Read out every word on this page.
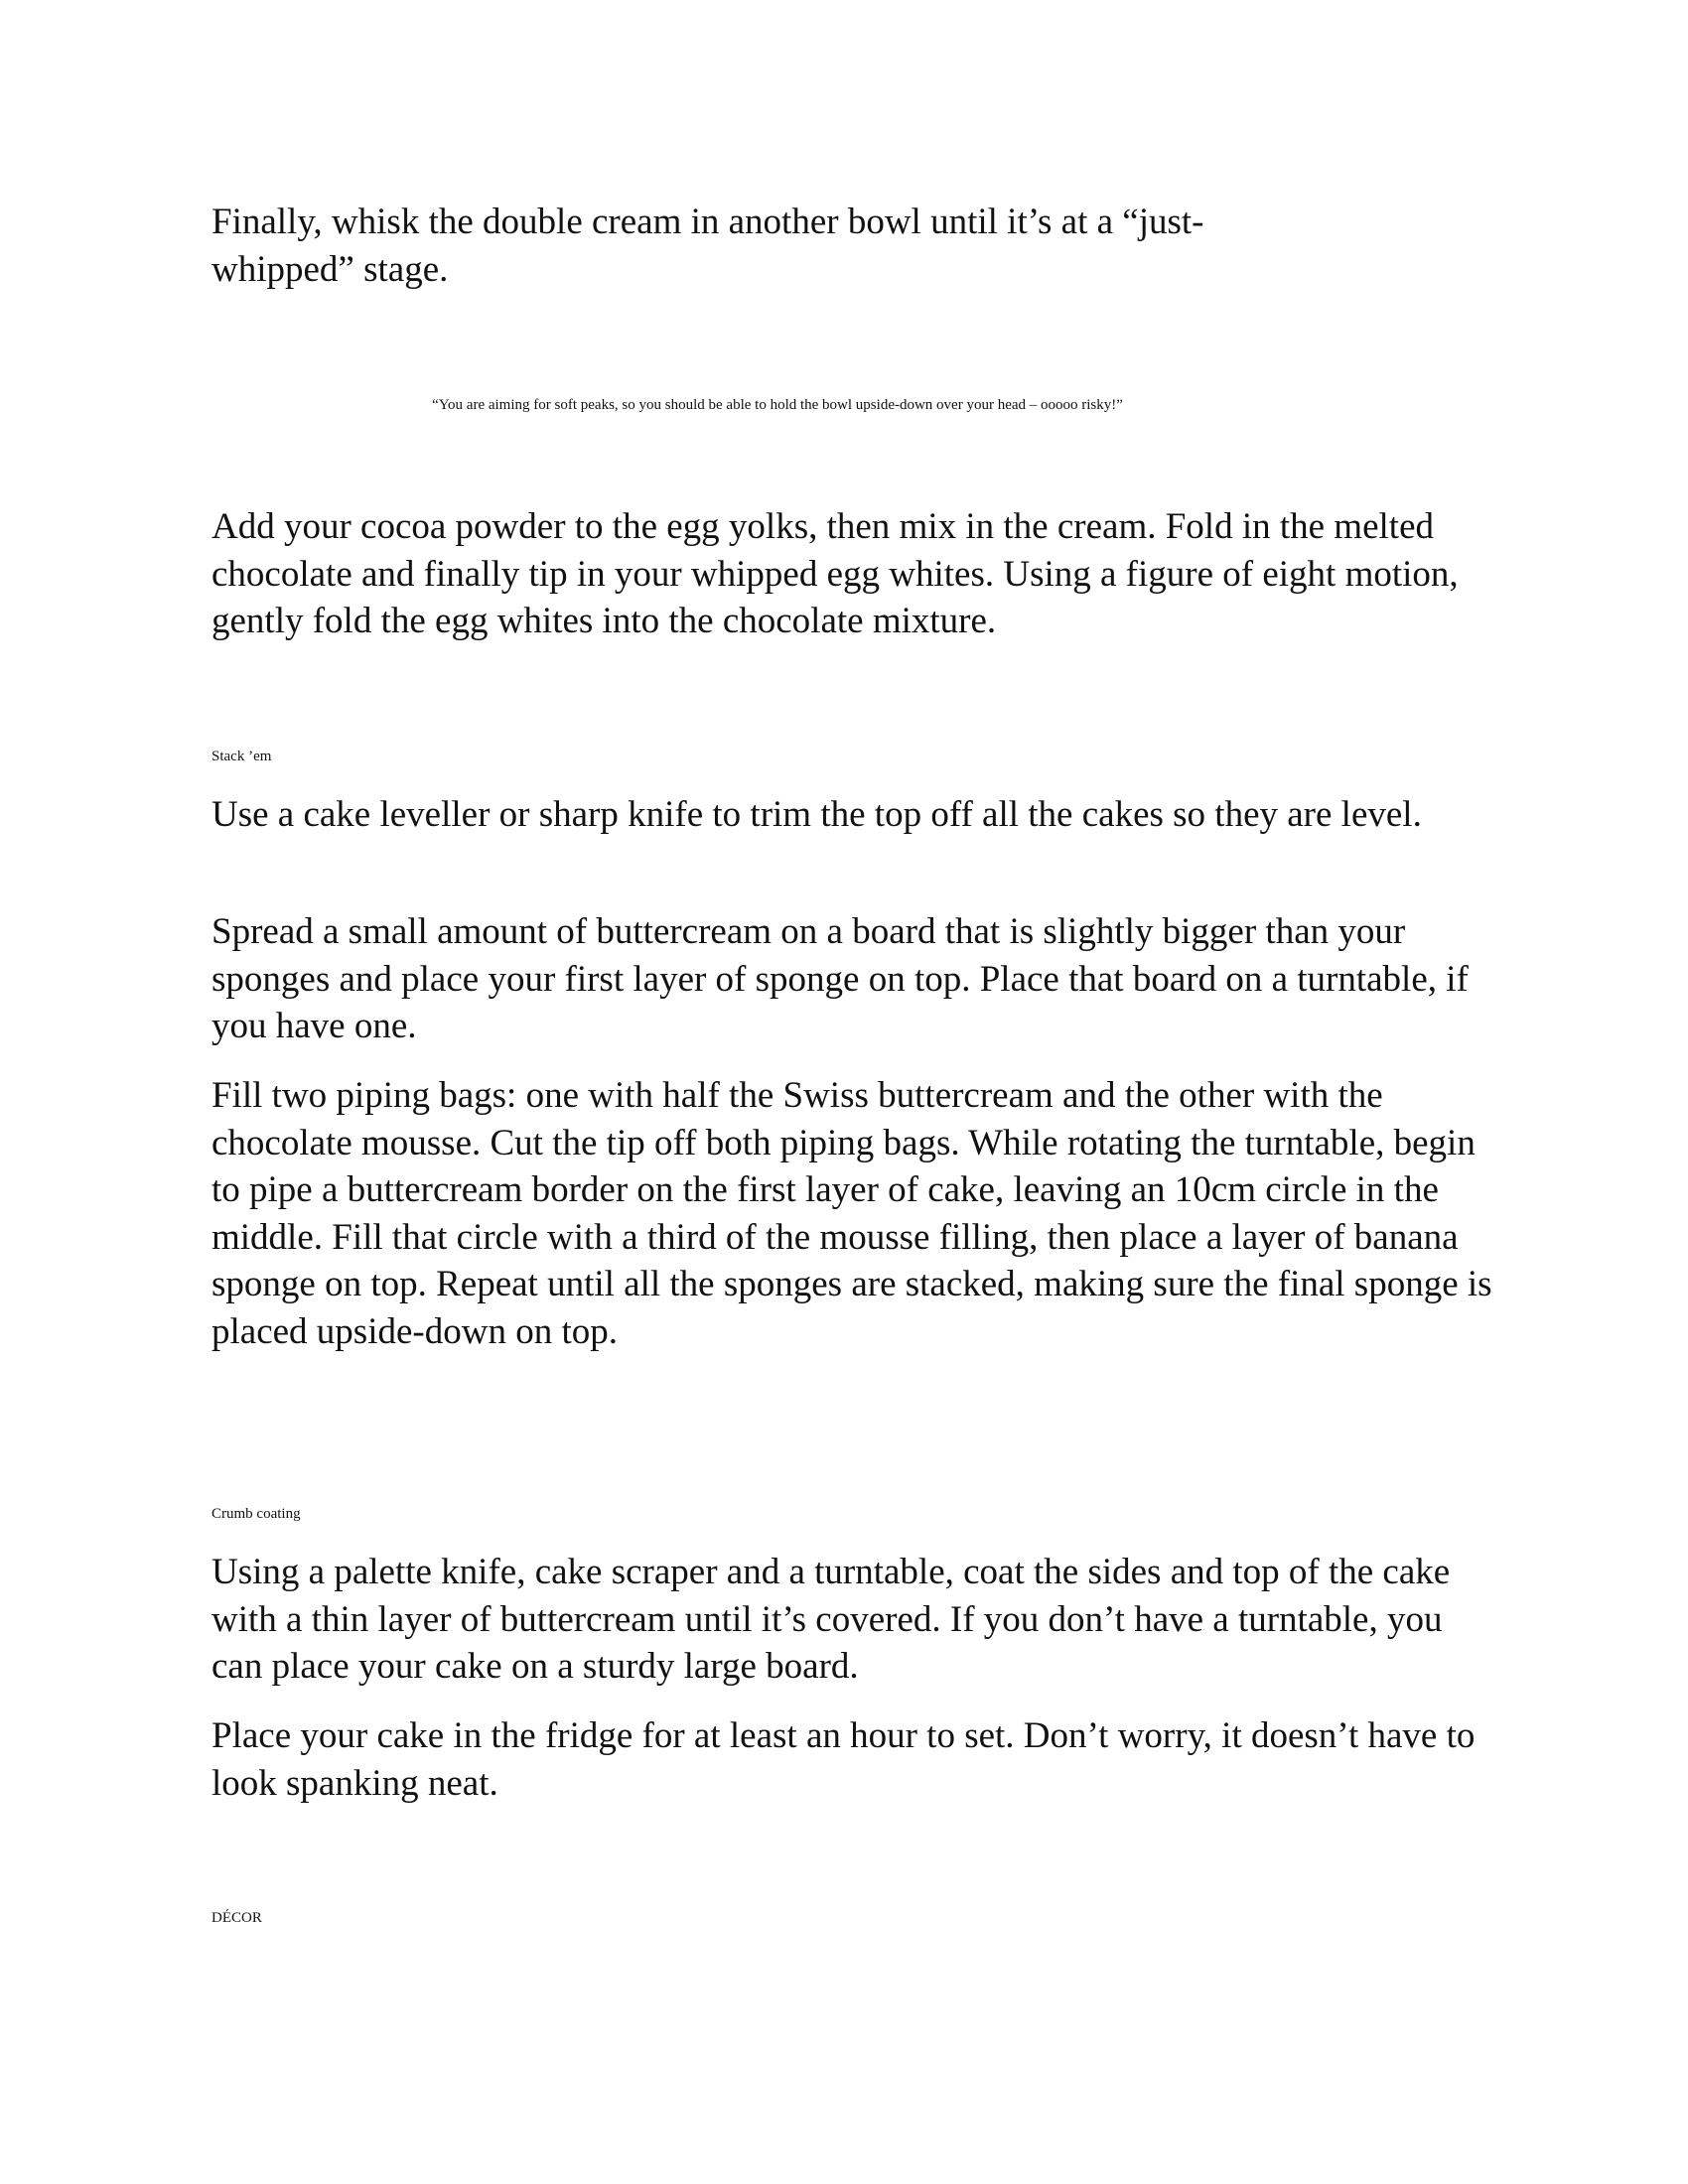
Finally, whisk the double cream in another bowl until it’s at a “just-whipped” stage.

“You are aiming for soft peaks, so you should be able to hold the bowl upside-down over your head – ooooo risky!”

Add your cocoa powder to the egg yolks, then mix in the cream. Fold in the melted chocolate and finally tip in your whipped egg whites. Using a figure of eight motion, gently fold the egg whites into the chocolate mixture.

Stack ’em

Use a cake leveller or sharp knife to trim the top off all the cakes so they are level.

Spread a small amount of buttercream on a board that is slightly bigger than your sponges and place your first layer of sponge on top. Place that board on a turntable, if you have one.

Fill two piping bags: one with half the Swiss buttercream and the other with the chocolate mousse. Cut the tip off both piping bags. While rotating the turntable, begin to pipe a buttercream border on the first layer of cake, leaving an 10cm circle in the middle. Fill that circle with a third of the mousse filling, then place a layer of banana sponge on top. Repeat until all the sponges are stacked, making sure the final sponge is placed upside-down on top.

Crumb coating

Using a palette knife, cake scraper and a turntable, coat the sides and top of the cake with a thin layer of buttercream until it’s covered. If you don’t have a turntable, you can place your cake on a sturdy large board.

Place your cake in the fridge for at least an hour to set. Don’t worry, it doesn’t have to look spanking neat.

DÉCOR
